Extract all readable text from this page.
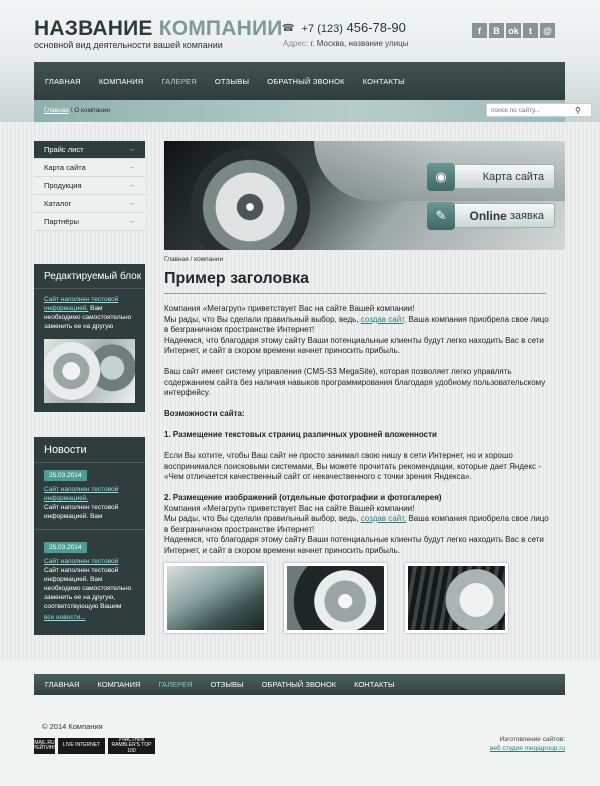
НАЗВАНИЕ КОМПАНИИ
основной вид деятельности вашей компании
☎ +7 (123) 456-78-90
Адрес: г. Москва, название улицы
f	В ok	t	@
ГЛАВНАЯ	КОМПАНИЯ	ГАЛЕРЕЯ	ОТЗЫВЫ	ОБРАТНЫЙ ЗВОНОК	КОНТАКТЫ
Главная \ О компании
поиск по сайту...	⚲
Прайс лист	→
Карта сайта	→
Продукция	→
Каталог	→
Партнёры	→
Редактируемый блок
Сайт наполнен тестовой информацией. Вам необходимо самостоятельно заменить ее на другую
Новости
25.03.2014
Сайт наполнен тестовой информацией.
Сайт наполнен тестовой информацией. Вам
25.03.2014
Сайт наполнен тестовой
Сайт наполнен тестовой информацией. Вам необходимо самостоятельно заменить ее на другую, соответствующую Вашим
все новости...
◉	Карта сайта
✎	Online заявка
Главная / компании
Пример заголовка

Компания «Мегагруп» приветствует Вас на сайте Вашей компании!
Мы рады, что Вы сделали правильный выбор, ведь, создав сайт, Ваша компания приобрела свое лицо в безграничном пространстве Интернет!
Надеемся, что благодаря этому сайту Ваши потенциальные клиенты будут легко находить Вас в сети Интернет, и сайт в скором времени начнет приносить прибыль.

Ваш сайт имеет систему управления (CMS-S3 MegaSite), которая позволяет легко управлять содержанием сайта без наличия навыков программирования благодаря удобному пользовательскому интерфейсу.

Возможности сайта:

1. Размещение текстовых страниц различных уровней вложенности

Если Вы хотите, чтобы Ваш сайт не просто занимал свою нишу в сети Интернет, но и хорошо воспринимался поисковыми системами, Вы можете прочитать рекомендации, которые дает Яндекс - «Чем отличается качественный сайт от некачественного с точки зрения Яндекса».

2. Размещение изображений (отдельные фотографии и фотогалерея)

Компания «Мегагруп» приветствует Вас на сайте Вашей компании!
Мы рады, что Вы сделали правильный выбор, ведь, создав сайт, Ваша компания приобрела свое лицо в безграничном пространстве Интернет!
Надеемся, что благодаря этому сайту Ваши потенциальные клиенты будут легко находить Вас в сети Интернет, и сайт в скором времени начнет приносить прибыль.

ГЛАВНАЯ	КОМПАНИЯ	ГАЛЕРЕЯ	ОТЗЫВЫ	ОБРАТНЫЙ ЗВОНОК	КОНТАКТЫ
© 2014 Компания
MAIL.RU РЕЙТИНГ	LIVE INTERNET
УЧАСТНИК RAMBLER'S TOP 100
Изготовление сайтов:
веб студия megagroup.ru
